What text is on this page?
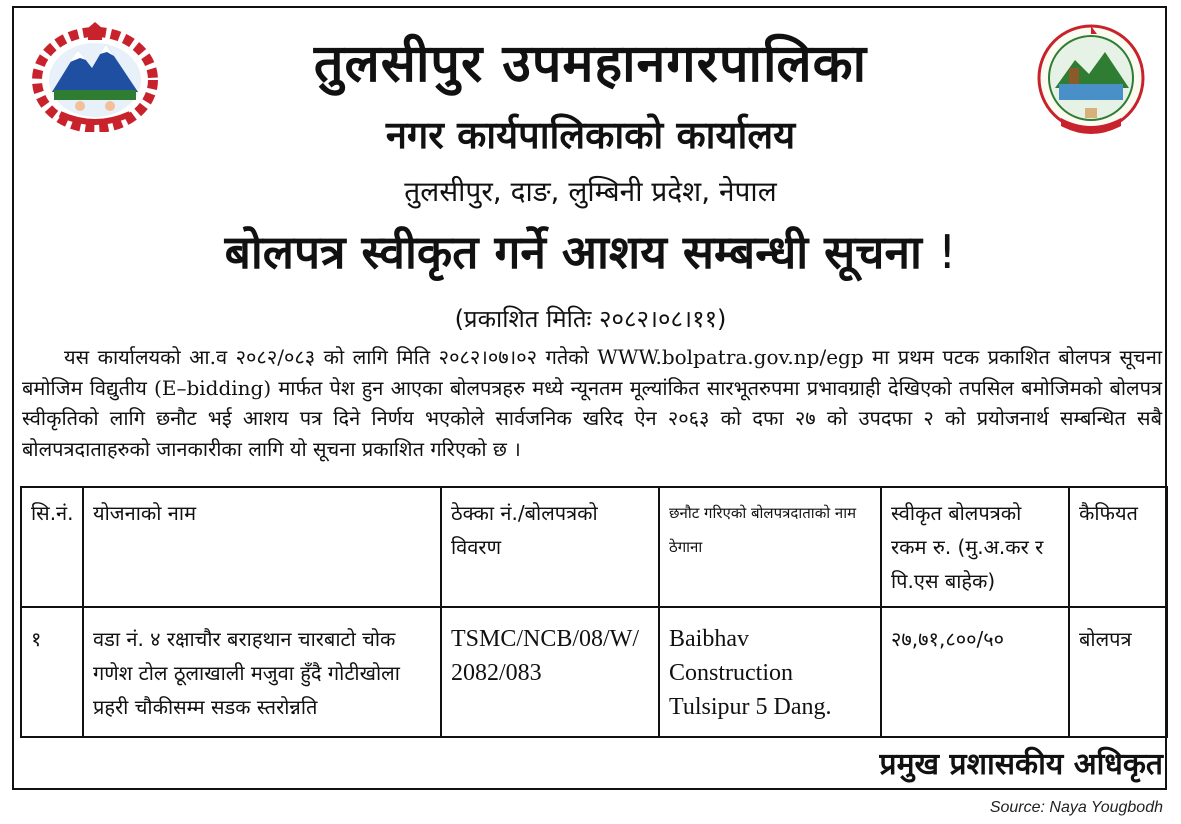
तुलसीपुर उपमहानगरपालिका
नगर कार्यपालिकाको कार्यालय
तुलसीपुर, दाङ, लुम्बिनी प्रदेश, नेपाल
बोलपत्र स्वीकृत गर्ने आशय सम्बन्धी सूचना !
(प्रकाशित मितिः २०८२।०८।११)
यस कार्यालयको आ.व २०८२/०८३ को लागि मिति २०८२।०७।०२ गतेको WWW.bolpatra.gov.np/egp मा प्रथम पटक प्रकाशित बोलपत्र सूचना बमोजिम विद्युतीय (E–bidding) मार्फत पेश हुन आएका बोलपत्रहरु मध्ये न्यूनतम मूल्यांकित सारभूतरुपमा प्रभावग्राही देखिएको तपसिल बमोजिमको बोलपत्र स्वीकृतिको लागि छनौट भई आशय पत्र दिने निर्णय भएकोले सार्वजनिक खरिद ऐन २०६३ को दफा २७ को उपदफा २ को प्रयोजनार्थ सम्बन्धित सबै बोलपत्रदाताहरुको जानकारीका लागि यो सूचना प्रकाशित गरिएको छ ।
सि.नं.	योजनाको नाम	ठेक्का नं./बोलपत्रको विवरण	छनौट गरिएको बोलपत्रदाताको नाम ठेगाना	स्वीकृत बोलपत्रको रकम रु. (मु.अ.कर र पि.एस बाहेक)	कैफियत
१	वडा नं. ४ रक्षाचौर बराहथान चारबाटो चोक गणेश टोल ठूलाखाली मजुवा हुँदै गोटीखोला प्रहरी चौकीसम्म सडक स्तरोन्नति	TSMC/NCB/08/W/ 2082/083	Baibhav Construction Tulsipur 5 Dang.	२७,७१,८००/५०	बोलपत्र
प्रमुख प्रशासकीय अधिकृत
Source: Naya Yougbodh
